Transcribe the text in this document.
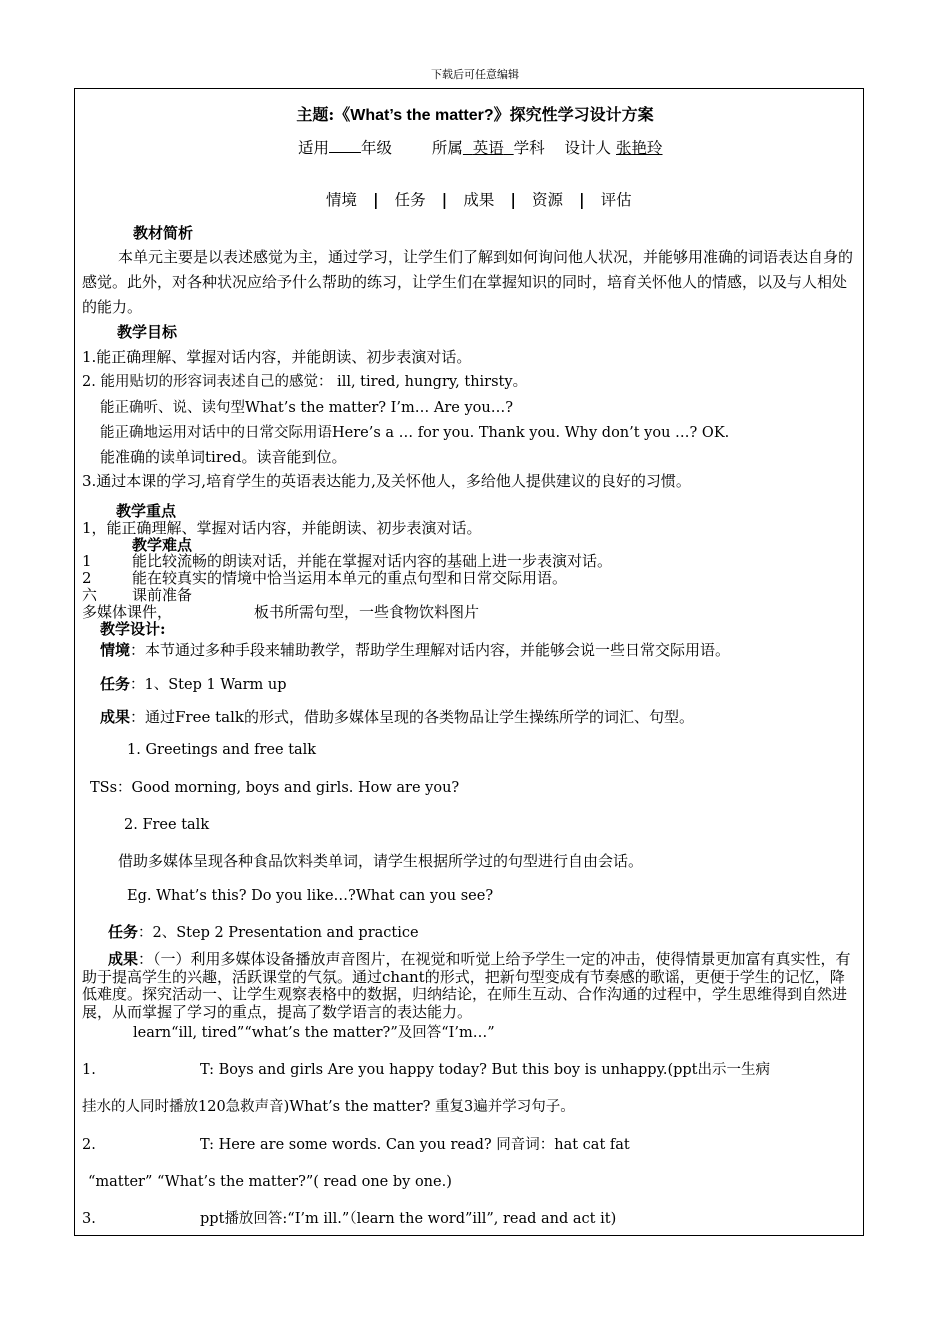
下载后可任意编辑
主题:《What’s the matter?》探究性学习设计方案
适用 年级	所属 英语 学科 设计人 张艳玲
情境 | 任务 | 成果 | 资源 | 评估
教材简析
本单元主要是以表述感觉为主，通过学习，让学生们了解到如何询问他人状况，并能够用准确的词语表达自身的感觉。此外，对各种状况应给予什么帮助的练习，让学生们在掌握知识的同时，培育关怀他人的情感，以及与人相处的能力。
教学目标
1.能正确理解、掌握对话内容，并能朗读、初步表演对话。
2. 能用贴切的形容词表述自己的感觉： ill, tired, hungry, thirsty。
能正确听、说、读句型What’s the matter? I’m… Are you…?
能正确地运用对话中的日常交际用语Here’s a … for you. Thank you. Why don’t you …? OK.
能准确的读单词tired。读音能到位。
3.通过本课的学习,培育学生的英语表达能力,及关怀他人，多给他人提供建议的良好的习惯。
教学重点
1，能正确理解、掌握对话内容，并能朗读、初步表演对话。
教学难点
1	能比较流畅的朗读对话，并能在掌握对话内容的基础上进一步表演对话。
2	能在较真实的情境中恰当运用本单元的重点句型和日常交际用语。
六 课前准备
多媒体课件，	板书所需句型，一些食物饮料图片
教学设计:
情境：本节通过多种手段来辅助教学，帮助学生理解对话内容，并能够会说一些日常交际用语。
任务：1、Step 1 Warm up
成果：通过Free talk的形式，借助多媒体呈现的各类物品让学生操练所学的词汇、句型。
1. Greetings and free talk
TSs：Good morning, boys and girls. How are you?
2. Free talk
借助多媒体呈现各种食品饮料类单词，请学生根据所学过的句型进行自由会话。
Eg. What’s this? Do you like…?What can you see?
任务：2、Step 2 Presentation and practice
成果：（一）利用多媒体设备播放声音图片，在视觉和听觉上给予学生一定的冲击，使得情景更加富有真实性，有助于提高学生的兴趣，活跃课堂的气氛。通过chant的形式，把新句型变成有节奏感的歌谣，更便于学生的记忆，降低难度。探究活动一、让学生观察表格中的数据，归纳结论，在师生互动、合作沟通的过程中，学生思维得到自然进展，从而掌握了学习的重点，提高了数学语言的表达能力。
learn“ill, tired”“what’s the matter?”及回答“I’m…”
1.	T: Boys and girls Are you happy today? But this boy is unhappy.(ppt出示一生病
挂水的人同时播放120急救声音)What’s the matter? 重复3遍并学习句子。
2.	T: Here are some words. Can you read? 同音词：hat cat fat
“matter” “What’s the matter?”( read one by one.)
3.	ppt播放回答:“I’m ill.”（learn the word”ill”, read and act it)
